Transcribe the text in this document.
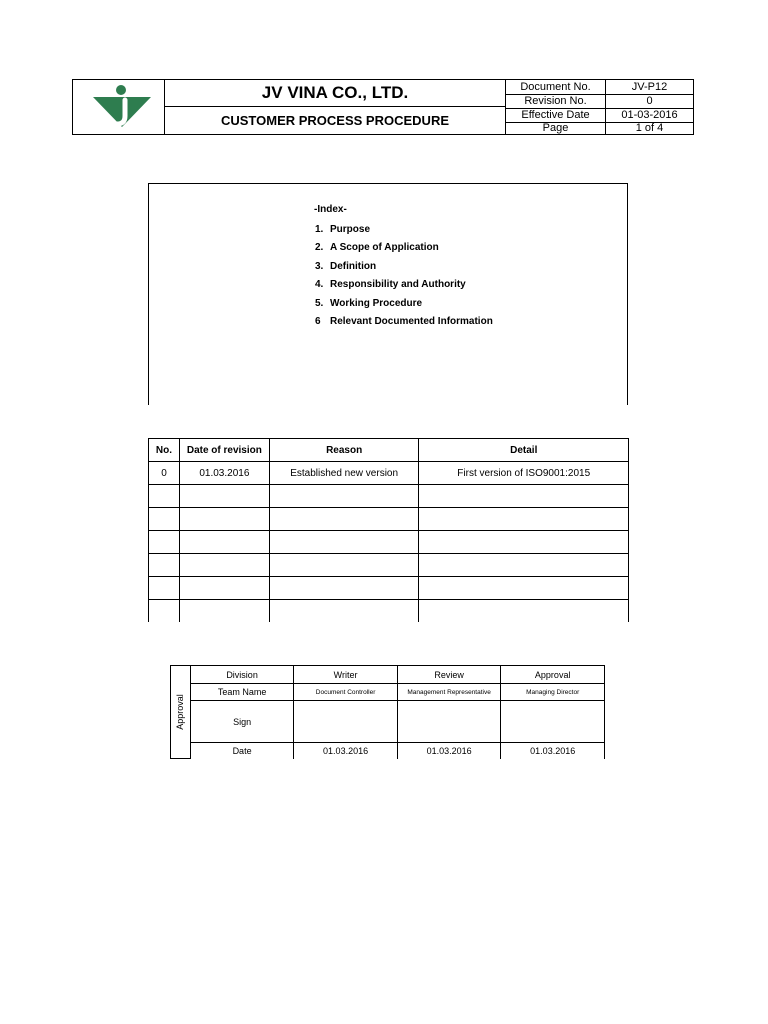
JV VINA CO., LTD.
CUSTOMER PROCESS PROCEDURE
Document No.	JV-P12
Revision No.	0
Effective Date	01-03-2016
Page	1 of 4
-Index-
1. Purpose
2. A Scope of Application
3. Definition
4. Responsibility and Authority
5. Working Procedure
6 Relevant Documented Information
No.	Date of revision	Reason	Detail
0	01.03.2016	Established new version	First version of ISO9001:2015

Approval	Division	Writer	Review	Approval
	Team Name	Document Controller	Management Representative	Managing Director
	Sign			
	Date	01.03.2016	01.03.2016	01.03.2016
